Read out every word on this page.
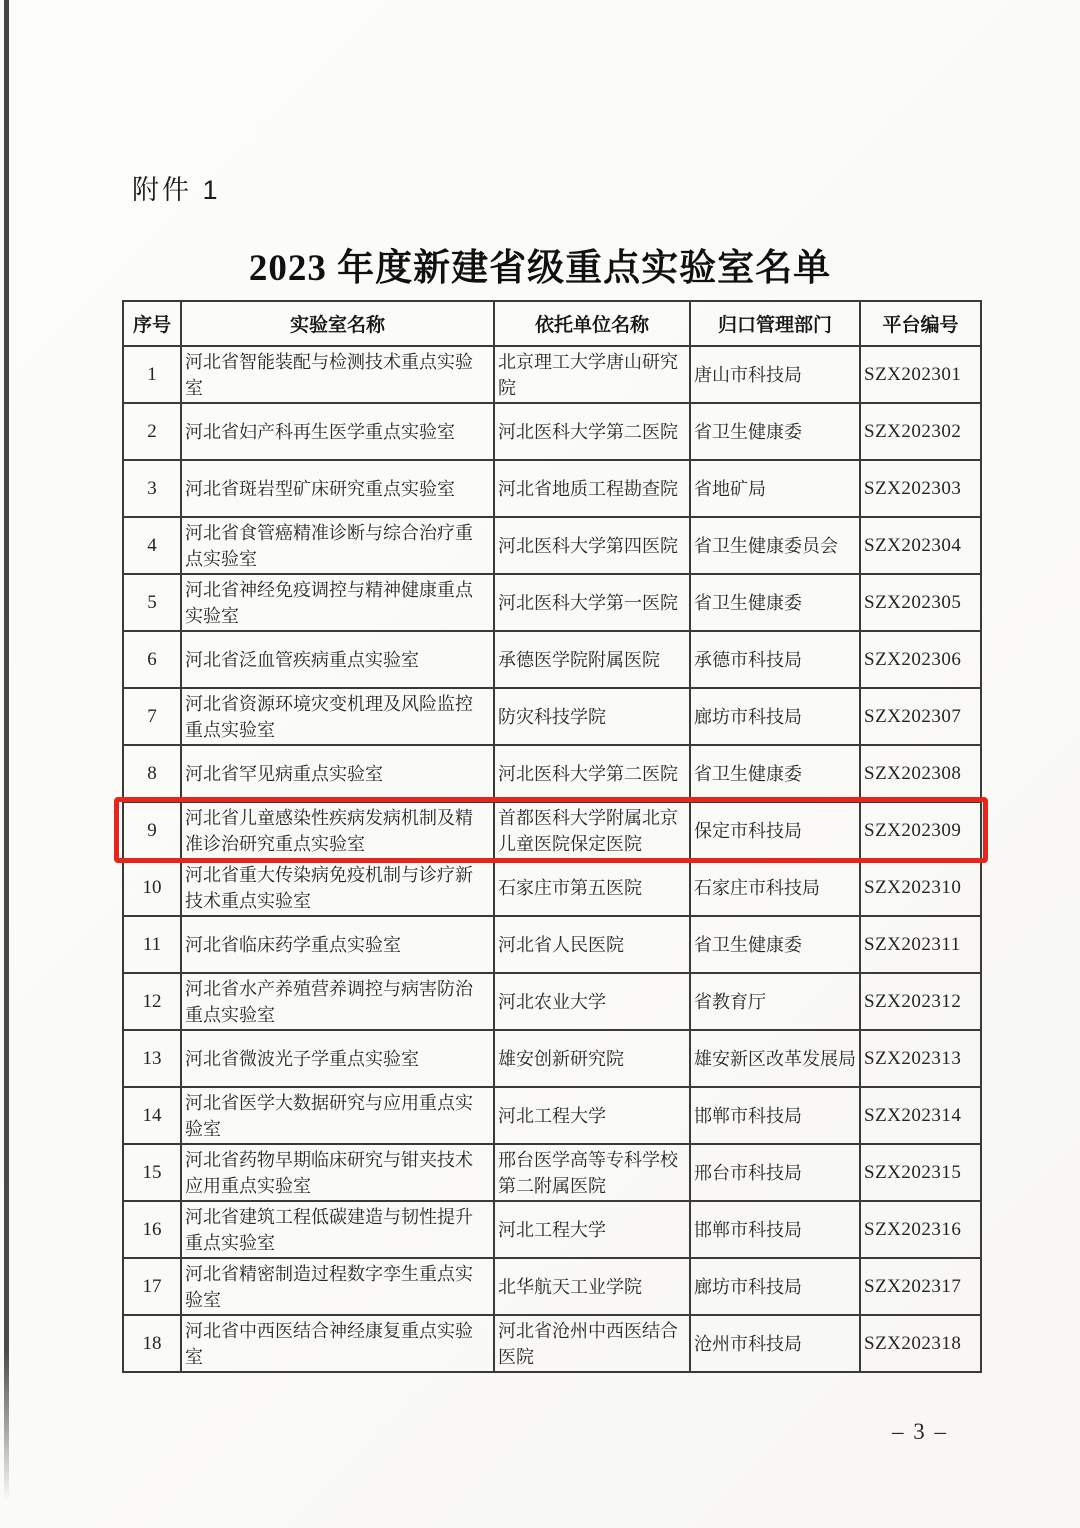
附件 1
2023 年度新建省级重点实验室名单
序号	实验室名称	依托单位名称	归口管理部门	平台编号
1	河北省智能装配与检测技术重点实验室	北京理工大学唐山研究院	唐山市科技局	SZX202301
2	河北省妇产科再生医学重点实验室	河北医科大学第二医院	省卫生健康委	SZX202302
3	河北省斑岩型矿床研究重点实验室	河北省地质工程勘查院	省地矿局	SZX202303
4	河北省食管癌精准诊断与综合治疗重点实验室	河北医科大学第四医院	省卫生健康委员会	SZX202304
5	河北省神经免疫调控与精神健康重点实验室	河北医科大学第一医院	省卫生健康委	SZX202305
6	河北省泛血管疾病重点实验室	承德医学院附属医院	承德市科技局	SZX202306
7	河北省资源环境灾变机理及风险监控重点实验室	防灾科技学院	廊坊市科技局	SZX202307
8	河北省罕见病重点实验室	河北医科大学第二医院	省卫生健康委	SZX202308
9	河北省儿童感染性疾病发病机制及精准诊治研究重点实验室	首都医科大学附属北京儿童医院保定医院	保定市科技局	SZX202309
10	河北省重大传染病免疫机制与诊疗新技术重点实验室	石家庄市第五医院	石家庄市科技局	SZX202310
11	河北省临床药学重点实验室	河北省人民医院	省卫生健康委	SZX202311
12	河北省水产养殖营养调控与病害防治重点实验室	河北农业大学	省教育厅	SZX202312
13	河北省微波光子学重点实验室	雄安创新研究院	雄安新区改革发展局	SZX202313
14	河北省医学大数据研究与应用重点实验室	河北工程大学	邯郸市科技局	SZX202314
15	河北省药物早期临床研究与钳夹技术应用重点实验室	邢台医学高等专科学校第二附属医院	邢台市科技局	SZX202315
16	河北省建筑工程低碳建造与韧性提升重点实验室	河北工程大学	邯郸市科技局	SZX202316
17	河北省精密制造过程数字孪生重点实验室	北华航天工业学院	廊坊市科技局	SZX202317
18	河北省中西医结合神经康复重点实验室	河北省沧州中西医结合医院	沧州市科技局	SZX202318
– 3 –
